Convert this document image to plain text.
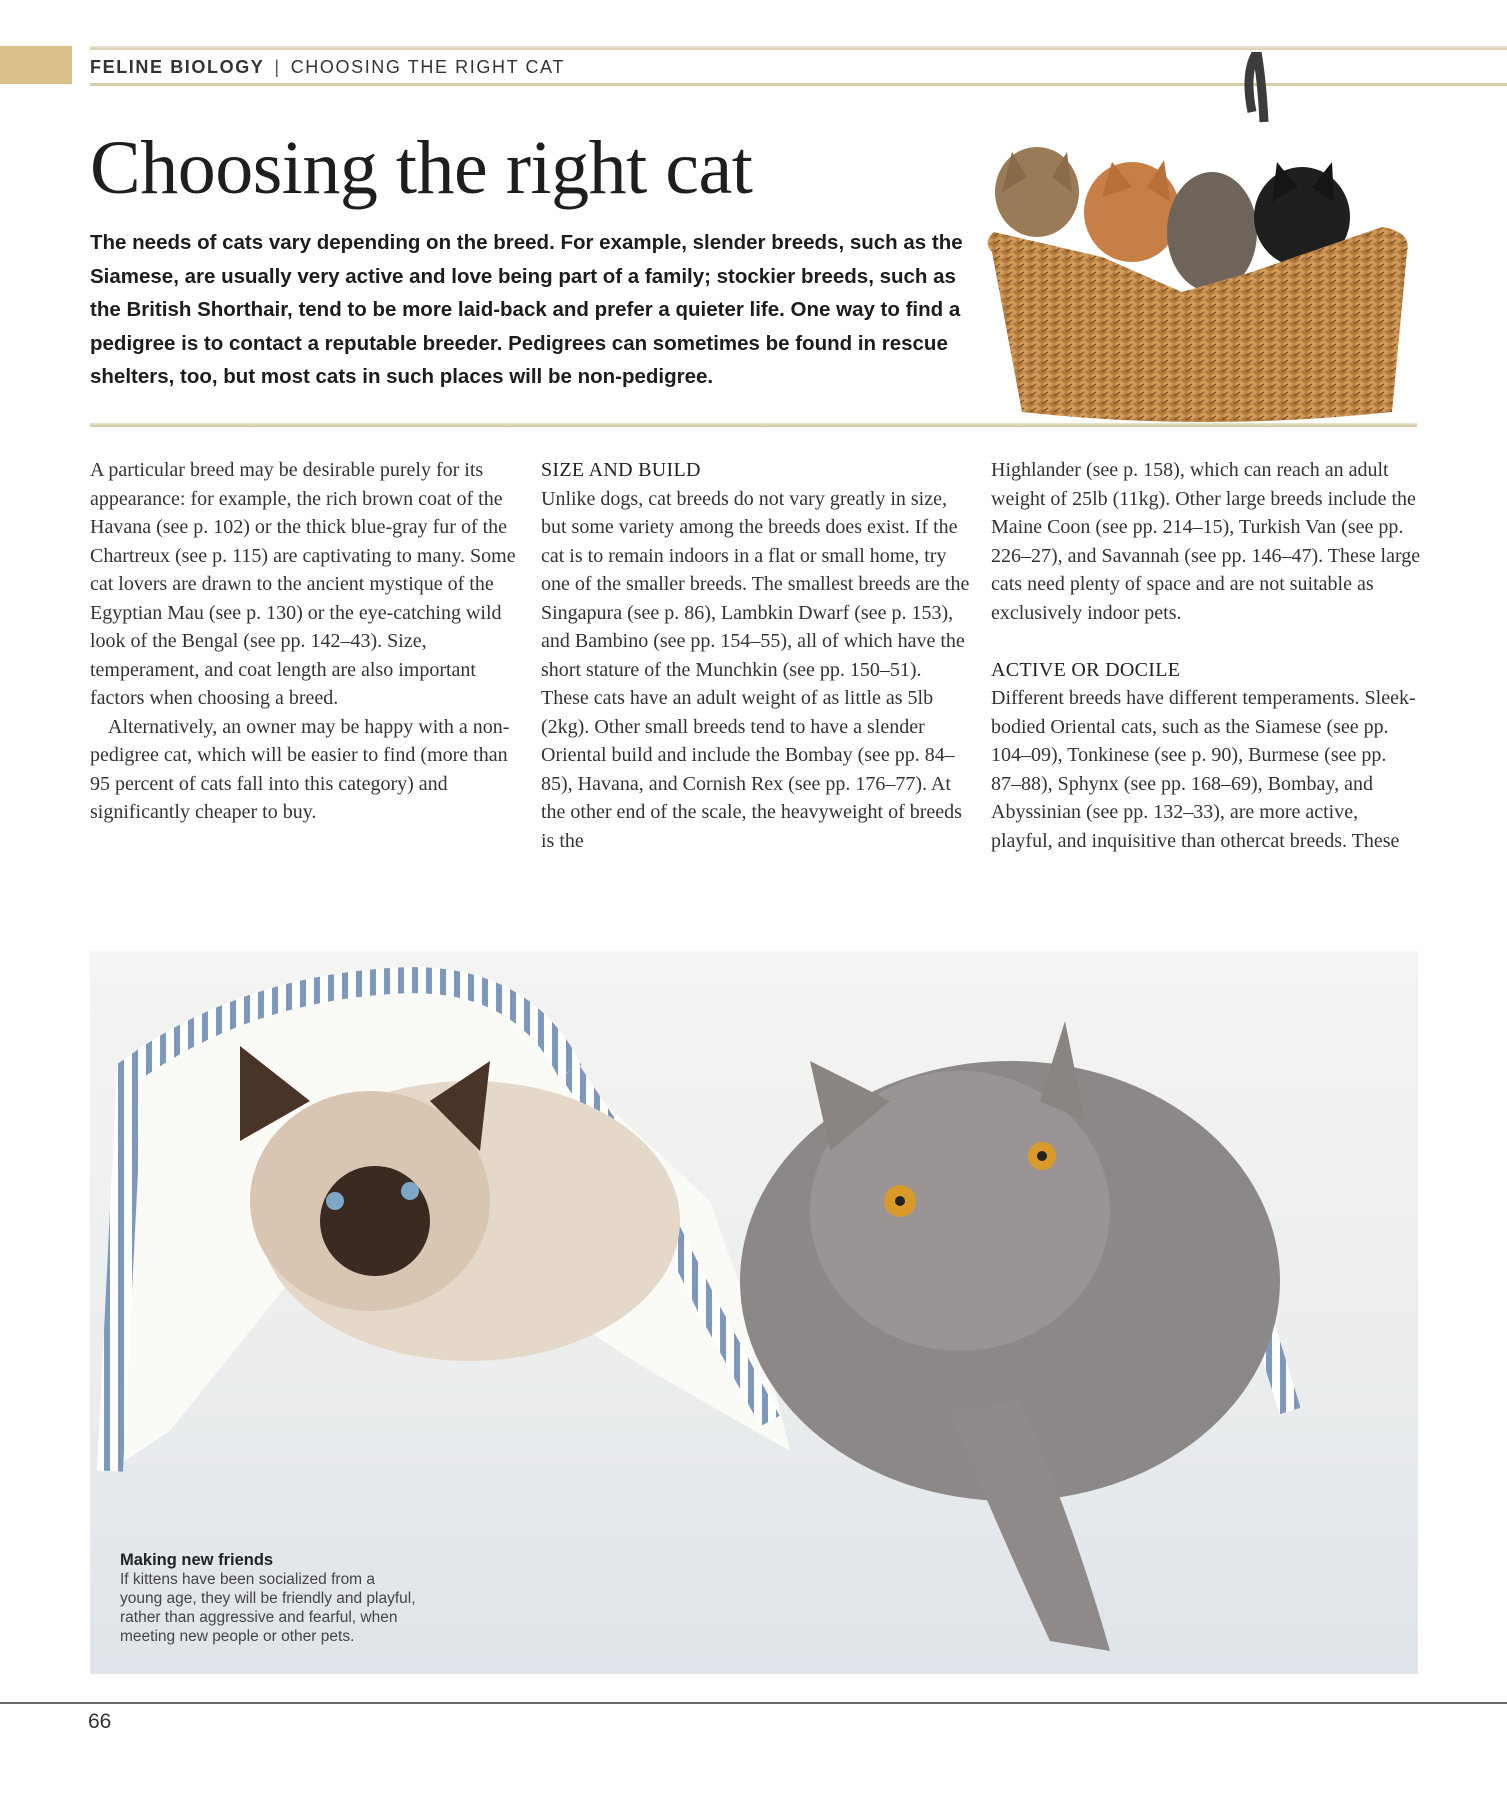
FELINE BIOLOGY | CHOOSING THE RIGHT CAT
Choosing the right cat

The needs of cats vary depending on the breed. For example, slender breeds, such as the Siamese, are usually very active and love being part of a family; stockier breeds, such as the British Shorthair, tend to be more laid-back and prefer a quieter life. One way to find a pedigree is to contact a reputable breeder. Pedigrees can sometimes be found in rescue shelters, too, but most cats in such places will be non-pedigree.

A particular breed may be desirable purely for its appearance: for example, the rich brown coat of the Havana (see p. 102) or the thick blue-gray fur of the Chartreux (see p. 115) are captivating to many. Some cat lovers are drawn to the ancient mystique of the Egyptian Mau (see p. 130) or the eye-catching wild look of the Bengal (see pp. 142–43). Size, temperament, and coat length are also important factors when choosing a breed.

Alternatively, an owner may be happy with a non-pedigree cat, which will be easier to find (more than 95 percent of cats fall into this category) and significantly cheaper to buy.

SIZE AND BUILD

Unlike dogs, cat breeds do not vary greatly in size, but some variety among the breeds does exist. If the cat is to remain indoors in a flat or small home, try one of the smaller breeds. The smallest breeds are the Singapura (see p. 86), Lambkin Dwarf (see p. 153), and Bambino (see pp. 154–55), all of which have the short stature of the Munchkin (see pp. 150–51). These cats have an adult weight of as little as 5lb (2kg). Other small breeds tend to have a slender Oriental build and include the Bombay (see pp. 84–85), Havana, and Cornish Rex (see pp. 176–77). At the other end of the scale, the heavyweight of breeds is the

Highlander (see p. 158), which can reach an adult weight of 25lb (11kg). Other large breeds include the Maine Coon (see pp. 214–15), Turkish Van (see pp. 226–27), and Savannah (see pp. 146–47). These large cats need plenty of space and are not suitable as exclusively indoor pets.

ACTIVE OR DOCILE

Different breeds have different temperaments. Sleek-bodied Oriental cats, such as the Siamese (see pp. 104–09), Tonkinese (see p. 90), Burmese (see pp. 87–88), Sphynx (see pp. 168–69), Bombay, and Abyssinian (see pp. 132–33), are more active, playful, and inquisitive than othercat breeds. These

Making new friends
If kittens have been socialized from a young age, they will be friendly and playful, rather than aggressive and fearful, when meeting new people or other pets.
66
